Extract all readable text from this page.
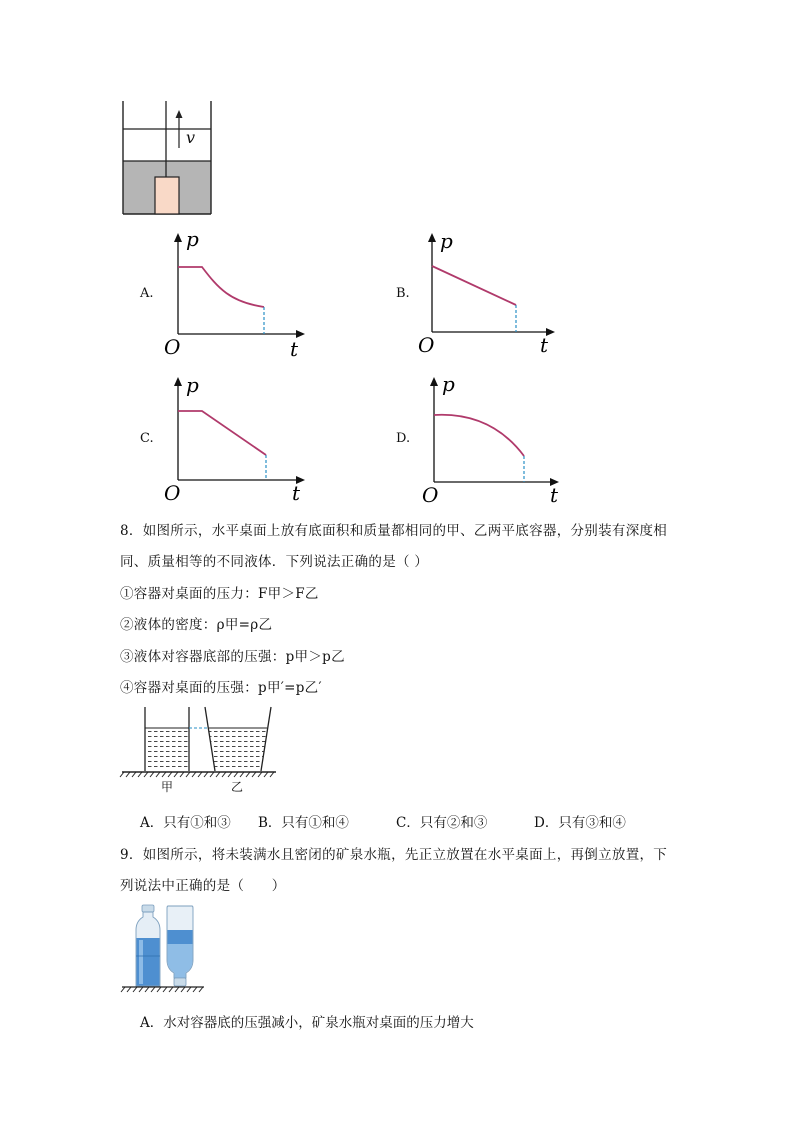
v
A.
p
t
O
B.
p
t
O
C.
p
t
O
D.
p
t
O
8．如图所示，水平桌面上放有底面积和质量都相同的甲、乙两平底容器，分别装有深度相
同、质量相等的不同液体．下列说法正确的是（ ）
①容器对桌面的压力：F甲＞F乙
②液体的密度：ρ甲=ρ乙
③液体对容器底部的压强：p甲＞p乙
④容器对桌面的压强：p甲′=p乙′
甲	乙
A．只有①和③ B．只有①和④	C．只有②和③	D．只有③和④
9．如图所示，将未装满水且密闭的矿泉水瓶，先正立放置在水平桌面上，再倒立放置，下
列说法中正确的是（　　）
A．水对容器底的压强减小，矿泉水瓶对桌面的压力增大
